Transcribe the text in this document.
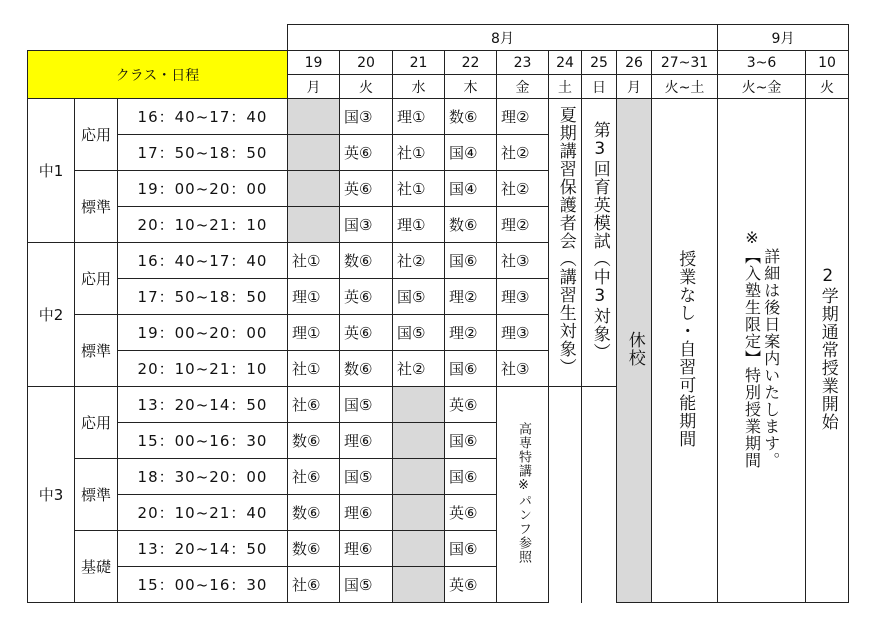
			8月									9月	
クラス・日程			19	20	21	22	23	24	25	26	27~31	3~6	10
			月	火	水	木	金	土	日	月	火~土	火~金	火
中1	応用	16：40~17：40		国③	理①	数⑥	理②	夏期講習保護者会（講習生対象）	第3回育英模試（中3対象）	休校	授業なし・自習可能期間	※【入塾生限定】特別授業期間詳細は後日案内いたします。	2学期通常授業開始
		17：50~18：50		英⑥	社①	国④	社②						
	標準	19：00~20：00		英⑥	社①	国④	社②						
		20：10~21：10		国③	理①	数⑥	理②						
中2	応用	16：40~17：40	社①	数⑥	社②	国⑥	社③						
		17：50~18：50	理①	英⑥	国⑤	理②	理③						
	標準	19：00~20：00	理①	英⑥	国⑤	理②	理③						
		20：10~21：10	社①	数⑥	社②	国⑥	社③						
中3	応用	13：20~14：50	社⑥	国⑤		英⑥	高専特講※パンフ参照						
		15：00~16：30	数⑥	理⑥		国⑥							
	標準	18：30~20：00	社⑥	国⑤		国⑥							
		20：10~21：40	数⑥	理⑥		英⑥							
	基礎	13：20~14：50	数⑥	理⑥		国⑥							
		15：00~16：30	社⑥	国⑤		英⑥							
